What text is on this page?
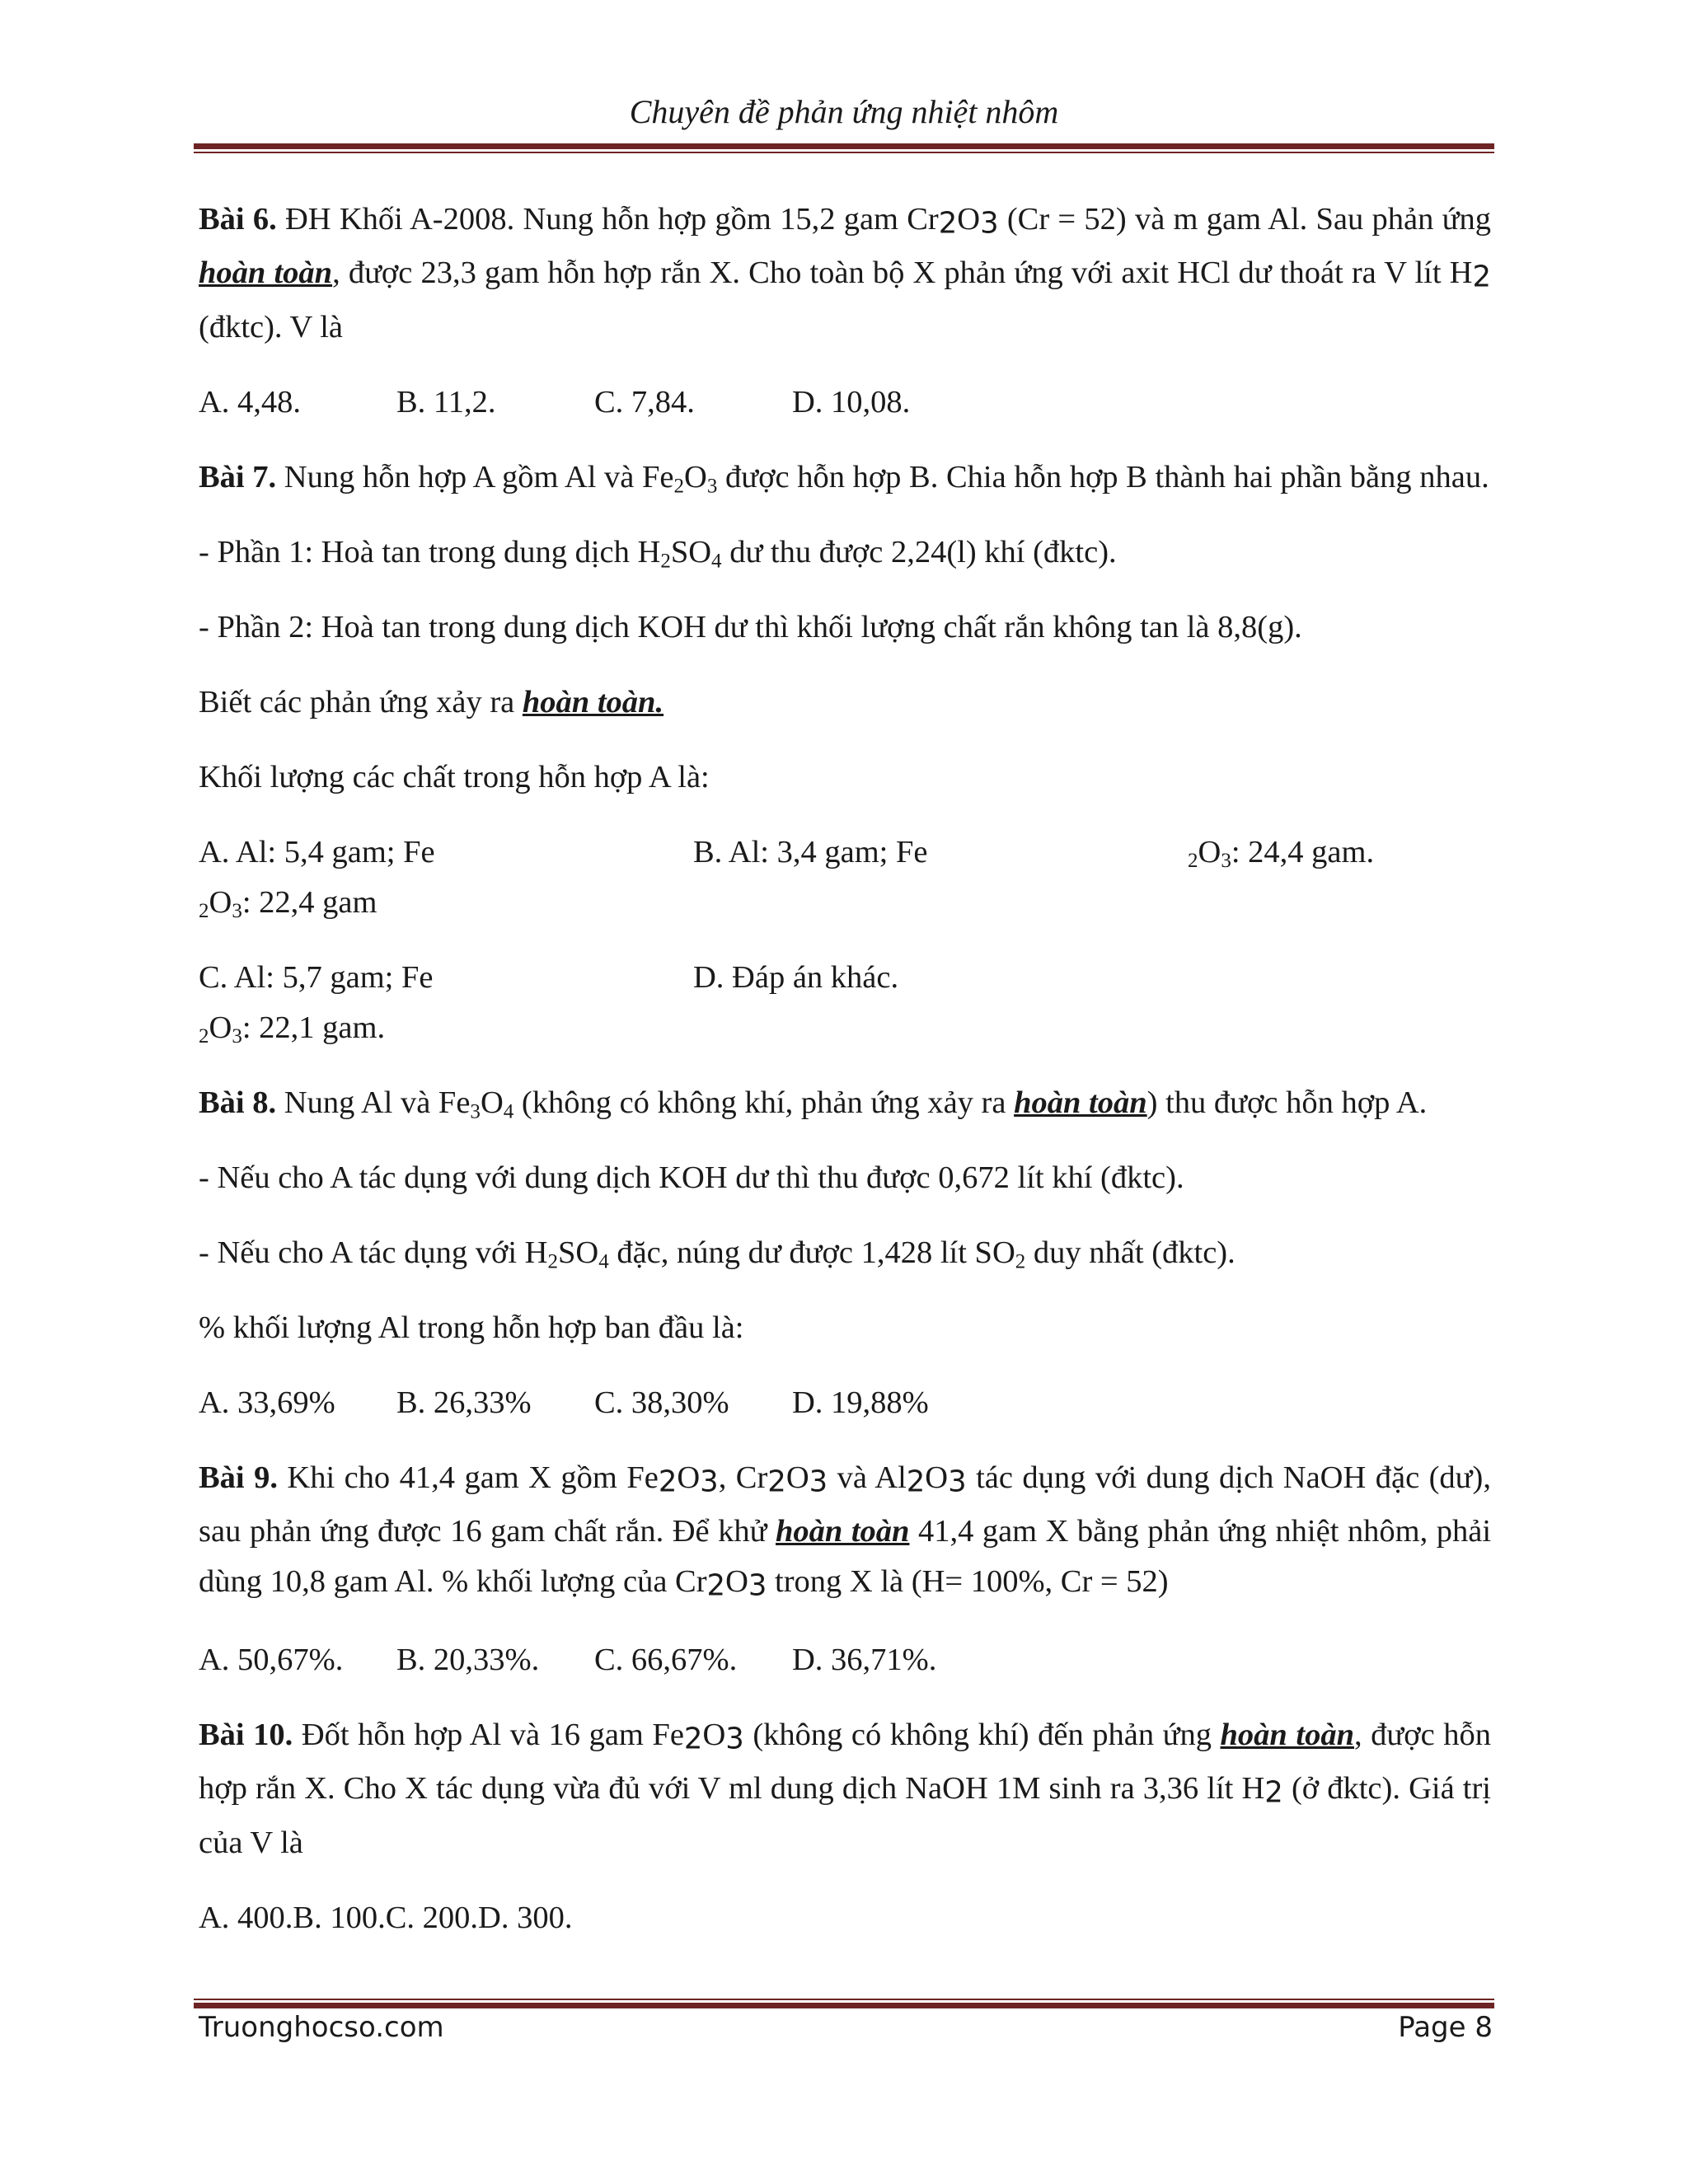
Chuyên đề phản ứng nhiệt nhôm

Bài 6. ĐH Khối A-2008. Nung hỗn hợp gồm 15,2 gam Cr2O3 (Cr = 52) và m gam Al. Sau phản ứng hoàn toàn, được 23,3 gam hỗn hợp rắn X. Cho toàn bộ X phản ứng với axit HCl dư thoát ra V lít H2 (đktc). V là

A. 4,48.	B. 11,2.	C. 7,84.	D. 10,08.

Bài 7. Nung hỗn hợp A gồm Al và $Fe_2O_3$ được hỗn hợp B. Chia hỗn hợp B thành hai phần bằng nhau.

- Phần 1: Hoà tan trong dung dịch $H_2SO_4$ dư thu được 2,24(l) khí (đktc).

- Phần 2: Hoà tan trong dung dịch KOH dư thì khối lượng chất rắn không tan là 8,8(g).

Biết các phản ứng xảy ra hoàn toàn.

Khối lượng các chất trong hỗn hợp A là:

A. Al: 5,4 gam; Fe2O3: 22,4 gam
B. Al: 3,4 gam; Fe	2O3: 24,4 gam.
C. Al: 5,7 gam; Fe2O3: 22,1 gam.
D. Đáp án khác.

Bài 8. Nung Al và $Fe_3O_4$ (không có không khí, phản ứng xảy ra hoàn toàn) thu được hỗn hợp A.

- Nếu cho A tác dụng với dung dịch KOH dư thì thu được 0,672 lít khí (đktc).

- Nếu cho A tác dụng với $H_2SO_4$ đặc, núng dư được 1,428 lít $SO_2$ duy nhất (đktc).

% khối lượng Al trong hỗn hợp ban đầu là:

A. 33,69%	B. 26,33%	C. 38,30%	D. 19,88%

Bài 9. Khi cho 41,4 gam X gồm Fe2O3, Cr2O3 và Al2O3 tác dụng với dung dịch NaOH đặc (dư), sau phản ứng được 16 gam chất rắn. Để khử hoàn toàn 41,4 gam X bằng phản ứng nhiệt nhôm, phải dùng 10,8 gam Al. % khối lượng của Cr2O3 trong X là (H= 100%, Cr = 52)

A. 50,67%.	B. 20,33%.	C. 66,67%.	D. 36,71%.

Bài 10. Đốt hỗn hợp Al và 16 gam Fe2O3 (không có không khí) đến phản ứng hoàn toàn, được hỗn hợp rắn X. Cho X tác dụng vừa đủ với V ml dung dịch NaOH 1M sinh ra 3,36 lít H2 (ở đktc). Giá trị của V là

A. 400.B. 100.C. 200.D. 300.

Truonghocso.com	Page 8
